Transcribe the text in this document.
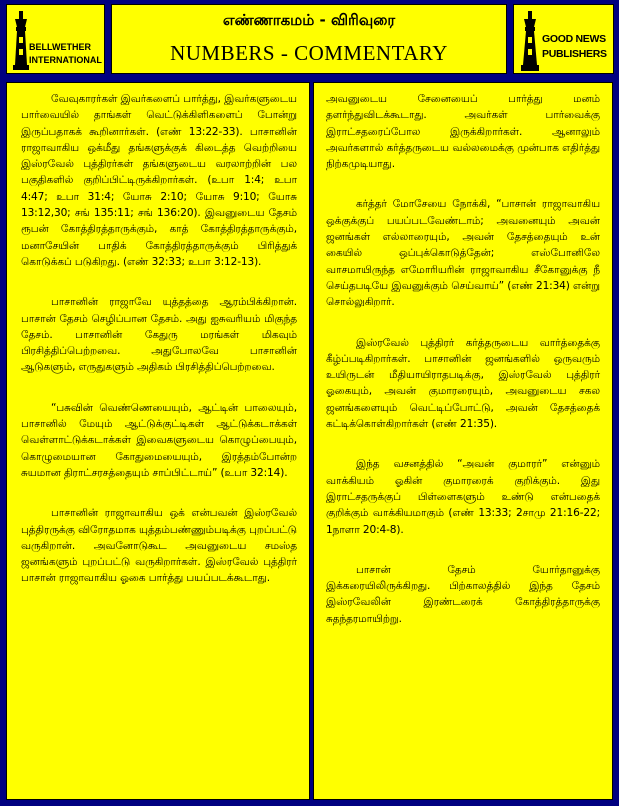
BELLWETHER
INTERNATIONAL
எண்ணாகமம் - விரிவுரை
NUMBERS - COMMENTARY
GOOD NEWS
PUBLISHERS

வேவுகாரர்கள் இவர்களைப் பார்த்து, இவர்களுடைய பார்வையில் தாங்கள் வெட்டுக்கிளிகளைப் போன்று இருப்பதாகக் கூறினார்கள். (எண் 13:22-33). பாசானின் ராஜாவாகிய ஒக்மீது தங்களுக்குக் கிடைத்த வெற்றியை இஸ்ரவேல் புத்திரர்கள் தங்களுடைய வரலாற்றின் பல பகுதிகளில் குறிப்பிட்டிருக்கிறார்கள். (உபா 1:4; உபா 4:47; உபா 31:4; யோசு 2:10; யோசு 9:10; யோசு 13:12,30; சங் 135:11; சங் 136:20). இவனுடைய தேசம் ரூபன் கோத்திரத்தாருக்கும், காத் கோத்திரத்தாருக்கும், மனாசேயின் பாதிக் கோத்திரத்தாருக்கும் பிரித்துக் கொடுக்கப் படுகிறது. (எண் 32:33; உபா 3:12-13).

பாசானின் ராஜாவே யுத்தத்தை ஆரம்பிக்கிறான். பாசான் தேசம் செழிப்பான தேசம். அது ஐசுவரியம் மிகுந்த தேசம். பாசானின் கேதுரு மரங்கள் மிகவும் பிரசித்திப்பெற்றவை. அதுபோலவே பாசானின் ஆடுகளும், எருதுகளும் அதிகம் பிரசித்திப்பெற்றவை.

“பசுவின் வெண்ணெயையும், ஆட்டின் பாலையும், பாசானில் மேயும் ஆட்டுக்குட்டிகள் ஆட்டுக்கடாக்கள் வெள்ளாட்டுக்கடாக்கள் இவைகளுடைய கொழுப்பையும், கொழுமையான கோதுமையையும், இரத்தம்போன்ற சுயமான திராட்சரசத்தையும் சாப்பிட்டாய்” (உபா 32:14).

பாசானின் ராஜாவாகிய ஒக் என்பவன் இஸ்ரவேல் புத்திரருக்கு விரோதமாக யுத்தம்பண்ணும்படிக்கு புறப்பட்டு வருகிறான். அவனோடுகூட அவனுடைய சமஸ்த ஜனங்களும் புறப்பட்டு வருகிறார்கள். இஸ்ரவேல் புத்திரர் பாசான் ராஜாவாகிய ஓகை பார்த்து பயப்படக்கூடாது.

அவனுடைய சேனையைப் பார்த்து மனம் தளர்ந்துவிடக்கூடாது. அவர்கள் பார்வைக்கு இராட்சதரைப்போல இருக்கிறார்கள். ஆனாலும் அவர்களால் கர்த்தருடைய வல்லமைக்கு முன்பாக எதிர்த்து நிற்கமுடியாது.

கர்த்தர் மோசேயை நோக்கி, “பாசான் ராஜாவாகிய ஒக்குக்குப் பயப்படவேண்டாம்; அவனையும் அவன் ஜனங்கள் எல்லாரையும், அவன் தேசத்தையும் உன் கையில் ஒப்புக்கொடுத்தேன்; எஸ்போனிலே வாசமாயிருந்த எமோரியரின் ராஜாவாகிய சீகோனுக்கு நீ செய்தபடியே இவனுக்கும் செய்வாய்” (எண் 21:34) என்று சொல்லுகிறார்.

இஸ்ரவேல் புத்திரர் கர்த்தருடைய வார்த்தைக்கு கீழ்ப்படிகிறார்கள். பாசானின் ஜனங்களில் ஒருவரும் உயிருடன் மீதியாயிராதபடிக்கு, இஸ்ரவேல் புத்திரர் ஓகையும், அவன் குமாரரையும், அவனுடைய சகல ஜனங்களையும் வெட்டிப்போட்டு, அவன் தேசத்தைக் கட்டிக்கொள்கிறார்கள் (எண் 21:35).

இந்த வசனத்தில் “அவன் குமாரர்” என்னும் வாக்கியம் ஓகின் குமாரரைக் குறிக்கும். இது இராட்சதருக்குப் பிள்ளைகளும் உண்டு என்பதைக் குறிக்கும் வாக்கியமாகும் (எண் 13:33; 2சாமு 21:16-22; 1நாளா 20:4-8).

பாசான் தேசம் யோர்தானுக்கு இக்கரையிலிருக்கிறது. பிற்காலத்தில் இந்த தேசம் இஸ்ரவேலின் இரண்டரைக் கோத்திரத்தாருக்கு சுதந்தரமாயிற்று.
